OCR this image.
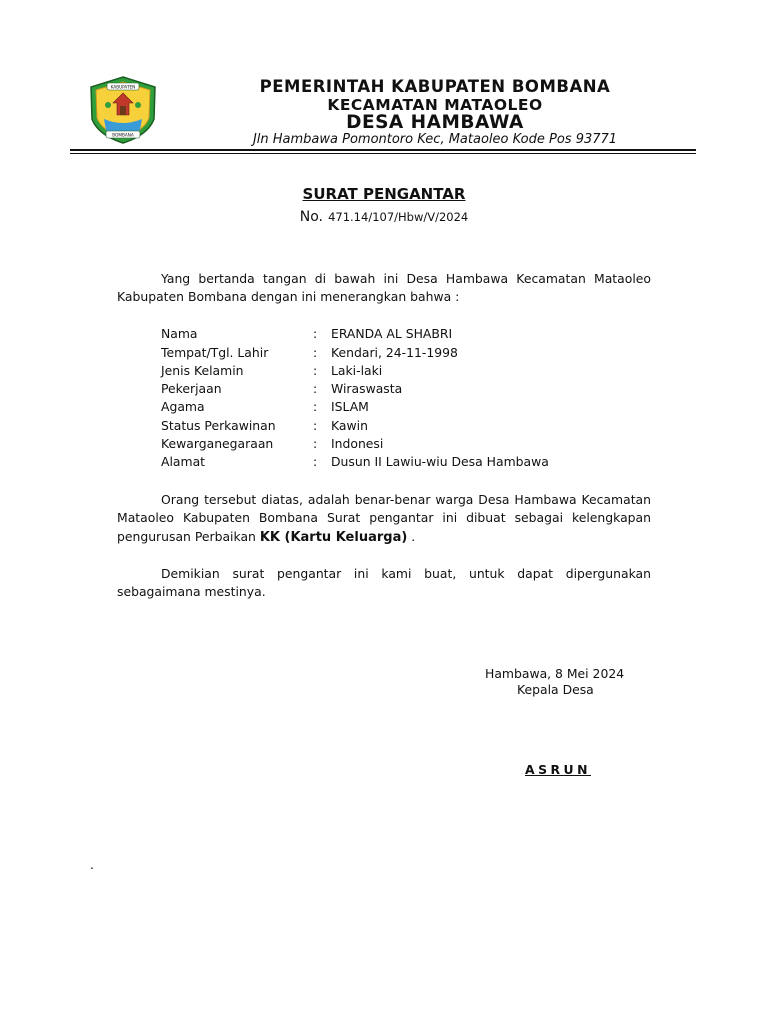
KABUPATEN
BOMBANA
PEMERINTAH KABUPATEN BOMBANA
KECAMATAN MATAOLEO
DESA HAMBAWA
Jln Hambawa Pomontoro Kec, Mataoleo Kode Pos 93771
SURAT PENGANTAR
No. 471.14/107/Hbw/V/2024
Yang bertanda tangan di bawah ini Desa Hambawa Kecamatan Mataoleo Kabupaten Bombana dengan ini menerangkan bahwa :
Nama	: ERANDA AL SHABRI
Tempat/Tgl. Lahir	: Kendari, 24-11-1998
Jenis Kelamin	: Laki-laki
Pekerjaan	: Wiraswasta
Agama	: ISLAM
Status Perkawinan	: Kawin
Kewarganegaraan	: Indonesi
Alamat	: Dusun II Lawiu-wiu Desa Hambawa
Orang tersebut diatas, adalah benar-benar warga Desa Hambawa Kecamatan Mataoleo Kabupaten Bombana Surat pengantar ini dibuat sebagai kelengkapan pengurusan Perbaikan KK (Kartu Keluarga) .
Demikian surat pengantar ini kami buat, untuk dapat dipergunakan sebagaimana mestinya.
Hambawa, 8 Mei 2024
Kepala Desa
ASRUN
.
